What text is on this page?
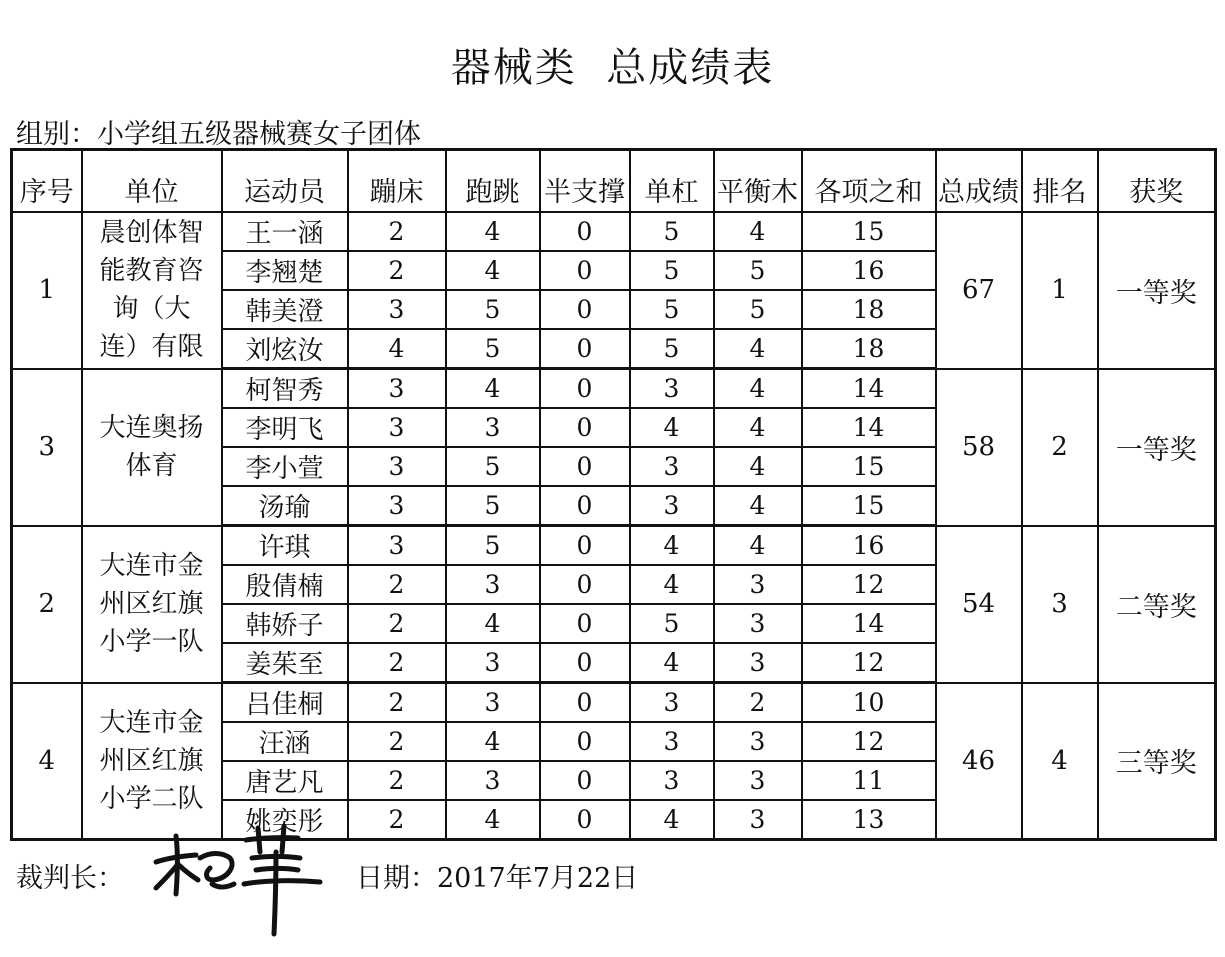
器械类  总成绩表
组别：小学组五级器械赛女子团体
序号	单位	运动员	蹦床	跑跳	半支撑	单杠	平衡木	各项之和	总成绩	排名	获奖
1	晨创体智
能教育咨
询（大
连）有限	王一涵	2	4	0	5	4	15	67	1	一等奖
		李翘楚	2	4	0	5	5	16			
		韩美澄	3	5	0	5	5	18			
		刘炫汝	4	5	0	5	4	18			
3	大连奥扬
体育	柯智秀	3	4	0	3	4	14	58	2	一等奖
		李明飞	3	3	0	4	4	14			
		李小萱	3	5	0	3	4	15			
		汤瑜	3	5	0	3	4	15			
2	大连市金
州区红旗
小学一队	许琪	3	5	0	4	4	16	54	3	二等奖
		殷倩楠	2	3	0	4	3	12			
		韩娇子	2	4	0	5	3	14			
		姜茱至	2	3	0	4	3	12			
4	大连市金
州区红旗
小学二队	吕佳桐	2	3	0	3	2	10	46	4	三等奖
		汪涵	2	4	0	3	3	12			
		唐艺凡	2	3	0	3	3	11			
		姚奕彤	2	4	0	4	3	13			
裁判长：	日期：2017年7月22日
